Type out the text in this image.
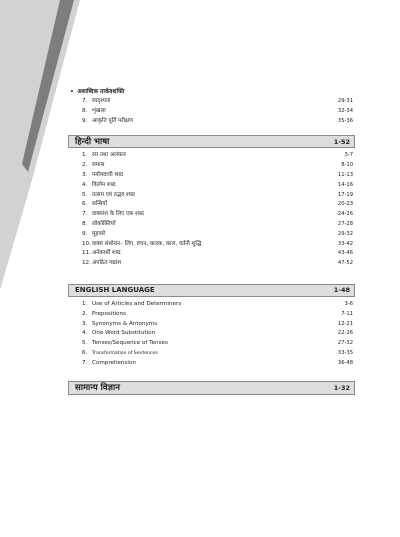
अशाब्दिक तार्कवशक्ति
7. सादृश्यता	29-31
8. शृंखला	32-34
9. आकृति पूर्ति परीक्षण	35-36
हिन्दी भाषा	1-52
1. रस तथा अलंकार	3-7
2. समास	8-10
3. पर्यायवाची शब्द	11-13
4. विलोम शब्द	14-16
5. तत्सम एवं तद्भव शब्द	17-19
6. सन्धियाँ	20-23
7. वाक्यांश के लिए एक शब्द	24-26
8. लोकोक्तियाँ	27-28
9. मुहावरे	29-32
10.वाक्य संशोधन– लिंग, वचन, कारक, काल, वर्तनी शुद्धि	33-42
11.अनेकार्थी शब्द	43-46
12.अपठित गद्यांश	47-52
ENGLISH LANGUAGE	1-48
1. Use of Articles and Determiners	3-6
2. Prepositions	7-11
3. Synonyms & Antonyms	12-21
4. One Word Substitution	22-26
5. Tenses/Sequence of Tenses	27-32
6. Transformation of Sentences	33-35
7. Comprehension	36-48
सामान्य विज्ञान	1-32
